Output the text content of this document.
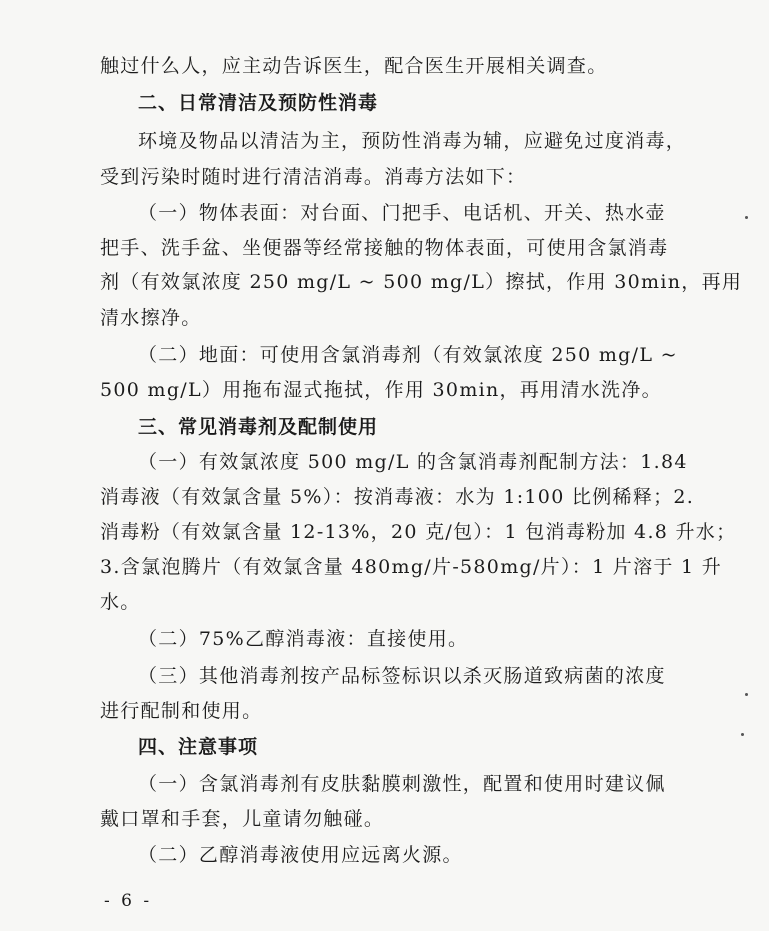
触过什么人，应主动告诉医生，配合医生开展相关调查。
二、日常清洁及预防性消毒
环境及物品以清洁为主，预防性消毒为辅，应避免过度消毒，
受到污染时随时进行清洁消毒。消毒方法如下：
（一）物体表面：对台面、门把手、电话机、开关、热水壶
把手、洗手盆、坐便器等经常接触的物体表面，可使用含氯消毒
剂（有效氯浓度 250 mg/L ~ 500 mg/L）擦拭，作用 30min，再用
清水擦净。
（二）地面：可使用含氯消毒剂（有效氯浓度 250 mg/L ~
500 mg/L）用拖布湿式拖拭，作用 30min，再用清水洗净。
三、常见消毒剂及配制使用
（一）有效氯浓度 500 mg/L 的含氯消毒剂配制方法：1.84
消毒液（有效氯含量 5%）：按消毒液：水为 1:100 比例稀释；2.
消毒粉（有效氯含量 12-13%，20 克/包）：1 包消毒粉加 4.8 升水；
3.含氯泡腾片（有效氯含量 480mg/片-580mg/片）：1 片溶于 1 升
水。
（二）75%乙醇消毒液：直接使用。
（三）其他消毒剂按产品标签标识以杀灭肠道致病菌的浓度
进行配制和使用。
四、注意事项
（一）含氯消毒剂有皮肤黏膜刺激性，配置和使用时建议佩
戴口罩和手套，儿童请勿触碰。
（二）乙醇消毒液使用应远离火源。
- 6 -
